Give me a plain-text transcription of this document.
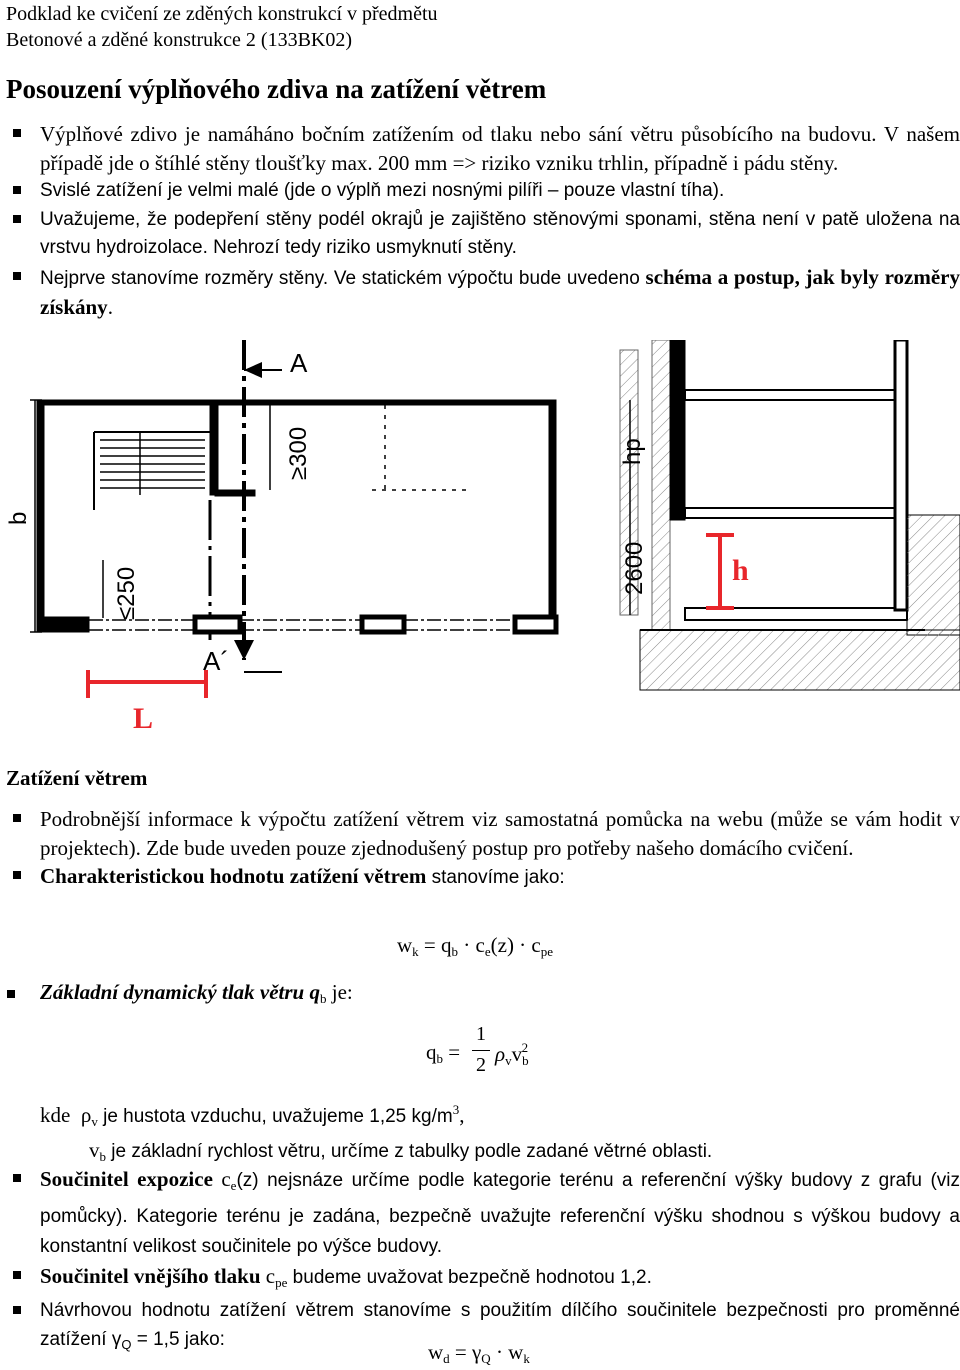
Podklad ke cvičení ze zděných konstrukcí v předmětu
Betonové a zděné konstrukce 2 (133BK02)
Posouzení výplňového zdiva na zatížení větrem
Výplňové zdivo je namáháno bočním zatížením od tlaku nebo sání větru působícího na budovu. V našem případě jde o štíhlé stěny tloušťky max. 200 mm => riziko vzniku trhlin, případně i pádu stěny.
Svislé zatížení je velmi malé (jde o výplň mezi nosnými pilíři – pouze vlastní tíha).
Uvažujeme, že podepření stěny podél okrajů je zajištěno stěnovými sponami, stěna není v patě uložena na vrstvu hydroizolace. Nehrozí tedy riziko usmyknutí stěny.
Nejprve stanovíme rozměry stěny. Ve statickém výpočtu bude uvedeno schéma a postup, jak byly rozměry získány.
A
A´
≥300
≤250
b
hp
2600	h
L
Zatížení větrem
Podrobnější informace k výpočtu zatížení větrem viz samostatná pomůcka na webu (může se vám hodit v projektech). Zde bude uveden pouze zjednodušený postup pro potřeby našeho domácího cvičení.
Charakteristickou hodnotu zatížení větrem stanovíme jako:
$w_k = q_b \cdot c_e(z) \cdot c_{pe}$
Základní dynamický tlak větru $q_b$ je:
$q_b$ =
1
2 $\rho_vv_b^2$
kde $\rho_v$ je hustota vzduchu, uvažujeme 1,25 $kg/m^3$,
$v_b$ je základní rychlost větru, určíme z tabulky podle zadané větrné oblasti.
Součinitel expozice $c_e(z)$ nejsnáze určíme podle kategorie terénu a referenční výšky budovy z grafu (viz pomůcky). Kategorie terénu je zadána, bezpečně uvažujte referenční výšku shodnou s výškou budovy a konstantní velikost součinitele po výšce budovy.
Součinitel vnějšího tlaku $c_{pe}$ budeme uvažovat bezpečně hodnotou 1,2.
Návrhovou hodnotu zatížení větrem stanovíme s použitím dílčího součinitele bezpečnosti pro proměnné zatížení $\gamma_Q = 1,5$ jako:
$w_d = \gamma_Q \cdot w_k$
